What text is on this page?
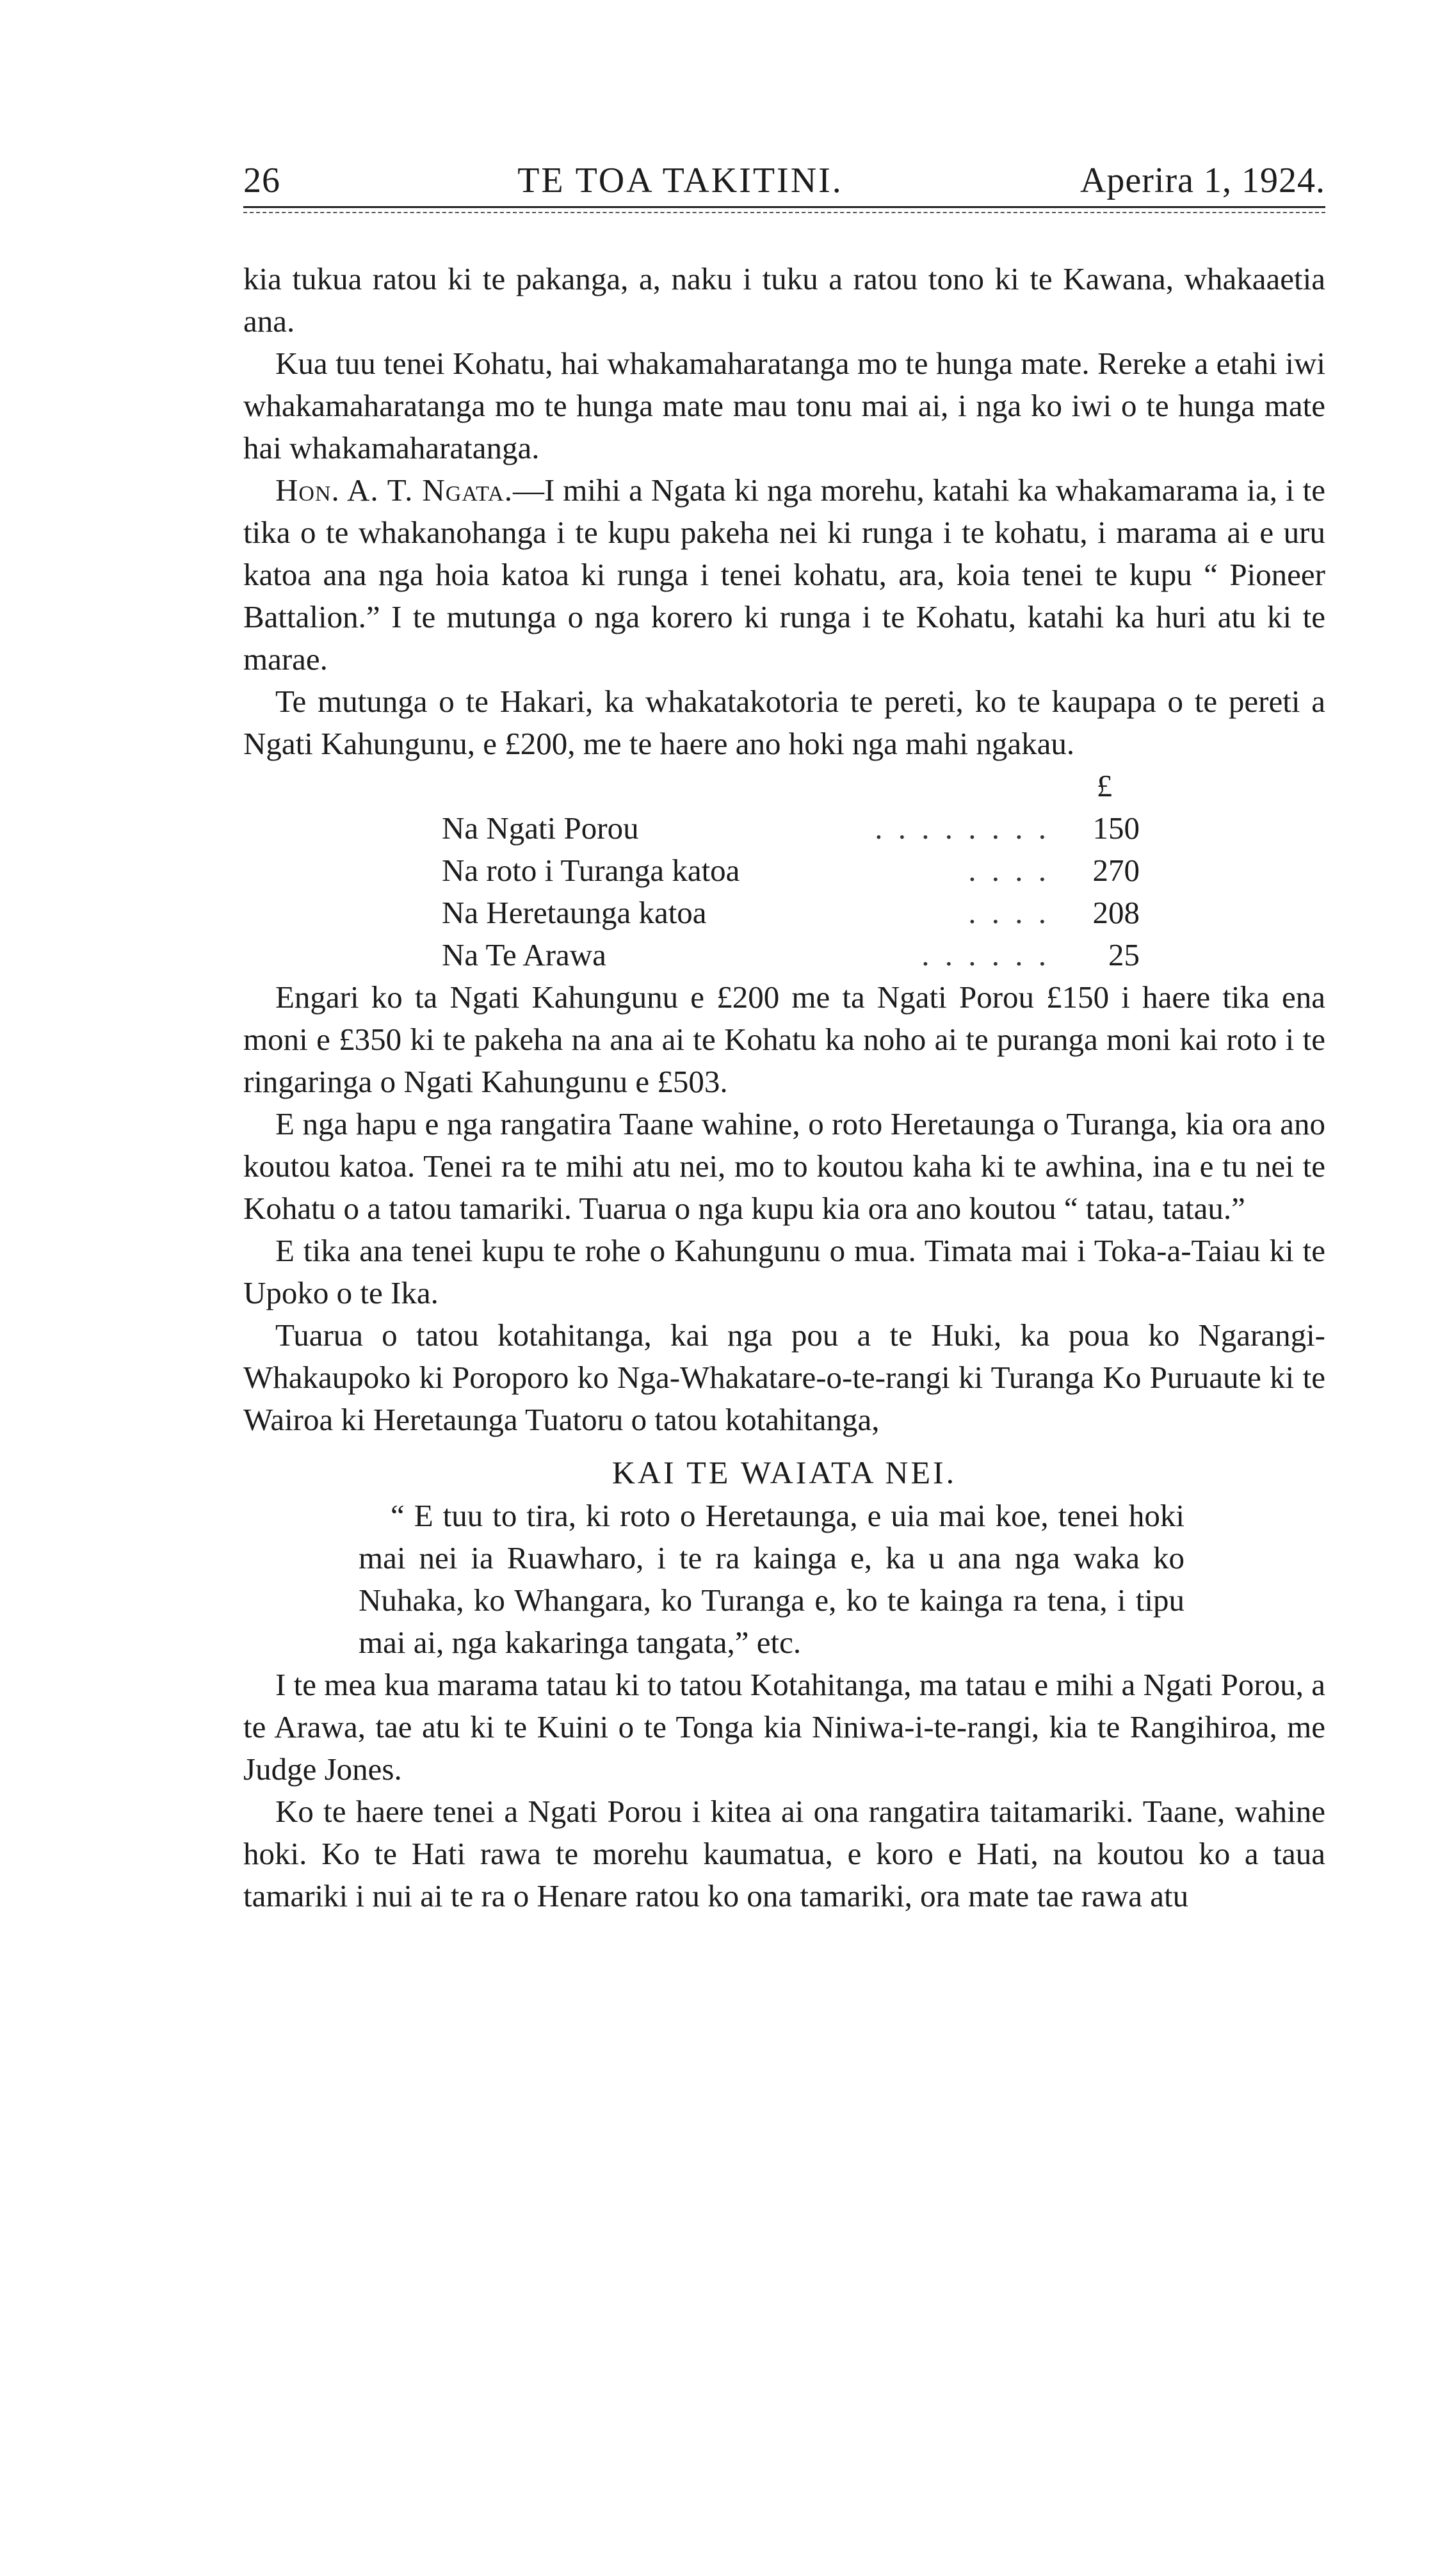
26	TE TOA TAKITINI.	Aperira 1, 1924.

kia tukua ratou ki te pakanga, a, naku i tuku a ratou tono ki te Kawana, whakaaetia ana.

Kua tuu tenei Kohatu, hai whakamaharatanga mo te hunga mate. Rereke a etahi iwi whakamaharatanga mo te hunga mate mau tonu mai ai, i nga ko iwi o te hunga mate hai whakamaharatanga.

Hon. A. T. Ngata.—I mihi a Ngata ki nga morehu, katahi ka whakamarama ia, i te tika o te whakanohanga i te kupu pakeha nei ki runga i te kohatu, i marama ai e uru katoa ana nga hoia katoa ki runga i tenei kohatu, ara, koia tenei te kupu “ Pioneer Battalion.” I te mutunga o nga korero ki runga i te Kohatu, katahi ka huri atu ki te marae.

Te mutunga o te Hakari, ka whakatakotoria te pereti, ko te kaupapa o te pereti a Ngati Kahungunu, e £200, me te haere ano hoki nga mahi ngakau.

£
Na Ngati Porou	. . . . . . . .	150
Na roto i Turanga katoa	. . . .	270
Na Heretaunga katoa	. . . .	208
Na Te Arawa	. . . . . .	25

Engari ko ta Ngati Kahungunu e £200 me ta Ngati Porou £150 i haere tika ena moni e £350 ki te pakeha na ana ai te Kohatu ka noho ai te puranga moni kai roto i te ringaringa o Ngati Kahungunu e £503.

E nga hapu e nga rangatira Taane wahine, o roto Heretaunga o Turanga, kia ora ano koutou katoa. Tenei ra te mihi atu nei, mo to koutou kaha ki te awhina, ina e tu nei te Kohatu o a tatou tamariki. Tuarua o nga kupu kia ora ano koutou “ tatau, tatau.”

E tika ana tenei kupu te rohe o Kahungunu o mua. Timata mai i Toka-a-Taiau ki te Upoko o te Ika.

Tuarua o tatou kotahitanga, kai nga pou a te Huki, ka poua ko Ngarangi-Whakaupoko ki Poroporo ko Nga-Whakatare-o-te-rangi ki Turanga Ko Puruaute ki te Wairoa ki Heretaunga Tuatoru o tatou kotahitanga,

KAI TE WAIATA NEI.

“ E tuu to tira, ki roto o Heretaunga, e uia mai koe, tenei hoki mai nei ia Ruawharo, i te ra kainga e, ka u ana nga waka ko Nuhaka, ko Whangara, ko Turanga e, ko te kainga ra tena, i tipu mai ai, nga kakaringa tangata,” etc.

I te mea kua marama tatau ki to tatou Kotahitanga, ma tatau e mihi a Ngati Porou, a te Arawa, tae atu ki te Kuini o te Tonga kia Niniwa-i-te-rangi, kia te Rangihiroa, me Judge Jones.

Ko te haere tenei a Ngati Porou i kitea ai ona rangatira taitamariki. Taane, wahine hoki. Ko te Hati rawa te morehu kaumatua, e koro e Hati, na koutou ko a taua tamariki i nui ai te ra o Henare ratou ko ona tamariki, ora mate tae rawa atu
